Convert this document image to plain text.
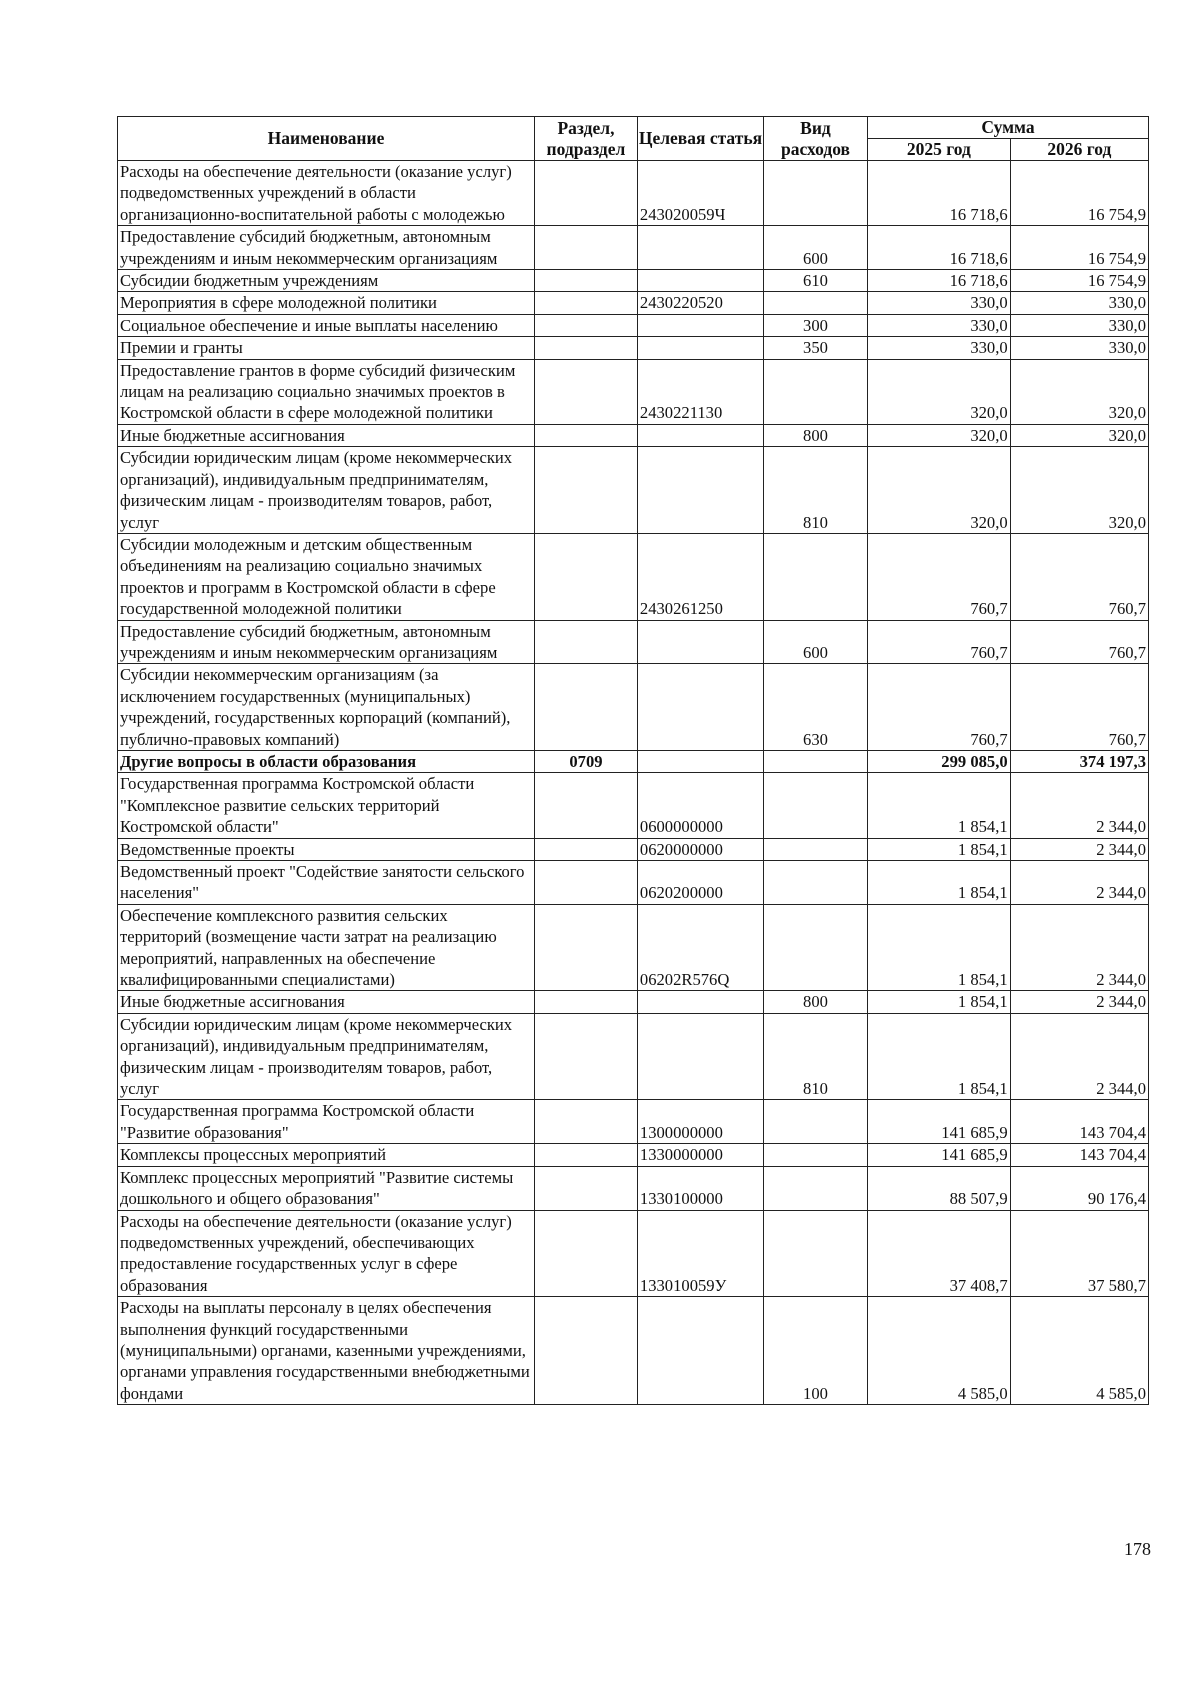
Наименование	Раздел, подраздел	Целевая статья	Вид расходов	Сумма	
				2025 год	2026 год
Расходы на обеспечение деятельности (оказание услуг) подведомственных учреждений в области организационно-воспитательной работы с молодежью		243020059Ч		16 718,6	16 754,9
Предоставление субсидий бюджетным, автономным учреждениям и иным некоммерческим организациям			600	16 718,6	16 754,9
Субсидии бюджетным учреждениям			610	16 718,6	16 754,9
Мероприятия в сфере молодежной политики		2430220520		330,0	330,0
Социальное обеспечение и иные выплаты населению			300	330,0	330,0
Премии и гранты			350	330,0	330,0
Предоставление грантов в форме субсидий физическим лицам на реализацию социально значимых проектов в Костромской области в сфере молодежной политики		2430221130		320,0	320,0
Иные бюджетные ассигнования			800	320,0	320,0
Субсидии юридическим лицам (кроме некоммерческих организаций), индивидуальным предпринимателям, физическим лицам - производителям товаров, работ, услуг			810	320,0	320,0
Субсидии молодежным и детским общественным объединениям на реализацию социально значимых проектов и программ в Костромской области в сфере государственной молодежной политики		2430261250		760,7	760,7
Предоставление субсидий бюджетным, автономным учреждениям и иным некоммерческим организациям			600	760,7	760,7
Субсидии некоммерческим организациям (за исключением государственных (муниципальных) учреждений, государственных корпораций (компаний), публично-правовых компаний)			630	760,7	760,7
Другие вопросы в области образования	0709			299 085,0	374 197,3
Государственная программа Костромской области "Комплексное развитие сельских территорий Костромской области"		0600000000		1 854,1	2 344,0
Ведомственные проекты		0620000000		1 854,1	2 344,0
Ведомственный проект "Содействие занятости сельского населения"		0620200000		1 854,1	2 344,0
Обеспечение комплексного развития сельских территорий (возмещение части затрат на реализацию мероприятий, направленных на обеспечение квалифицированными специалистами)		06202R576Q		1 854,1	2 344,0
Иные бюджетные ассигнования			800	1 854,1	2 344,0
Субсидии юридическим лицам (кроме некоммерческих организаций), индивидуальным предпринимателям, физическим лицам - производителям товаров, работ, услуг			810	1 854,1	2 344,0
Государственная программа Костромской области "Развитие образования"		1300000000		141 685,9	143 704,4
Комплексы процессных мероприятий		1330000000		141 685,9	143 704,4
Комплекс процессных мероприятий "Развитие системы дошкольного и общего образования"		1330100000		88 507,9	90 176,4
Расходы на обеспечение деятельности (оказание услуг) подведомственных учреждений, обеспечивающих предоставление государственных услуг в сфере образования		133010059У		37 408,7	37 580,7
Расходы на выплаты персоналу в целях обеспечения выполнения функций государственными (муниципальными) органами, казенными учреждениями, органами управления государственными внебюджетными фондами			100	4 585,0	4 585,0
178
